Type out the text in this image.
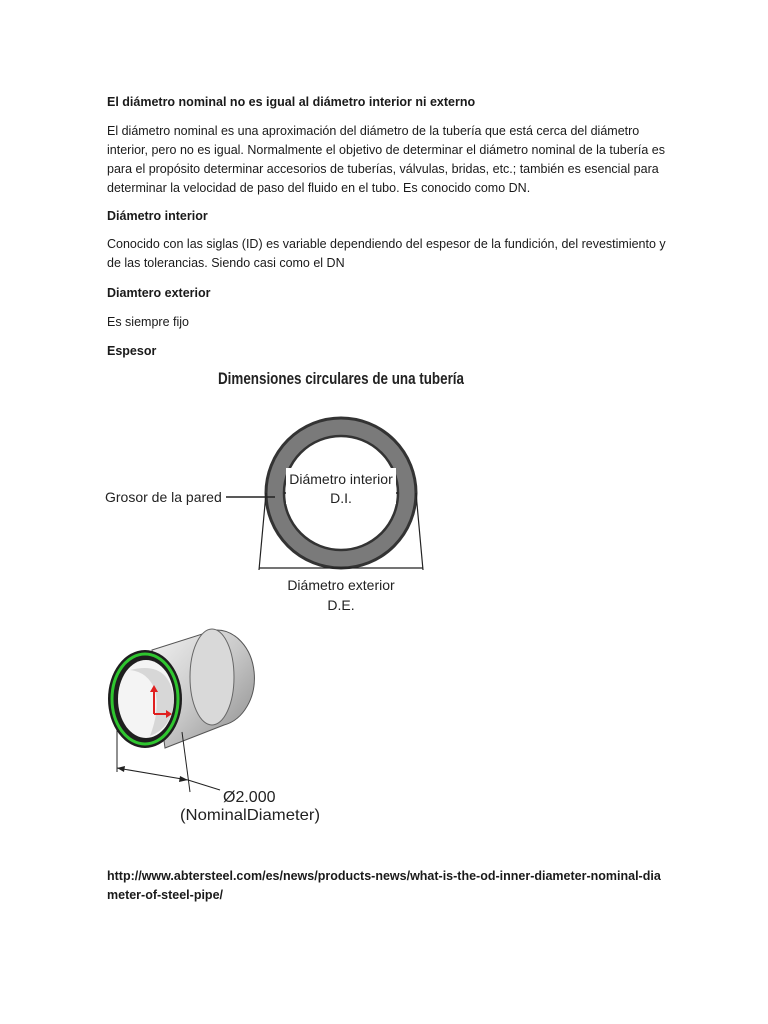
El diámetro nominal no es igual al diámetro interior ni externo

El diámetro nominal es una aproximación del diámetro de la tubería que está cerca del diámetro interior, pero no es igual. Normalmente el objetivo de determinar el diámetro nominal de la tubería es para el propósito determinar accesorios de tuberías, válvulas, bridas, etc.; también es esencial para determinar la velocidad de paso del fluido en el tubo. Es conocido como DN.

Diámetro interior

Conocido con las siglas (ID) es variable dependiendo del espesor de la fundición, del revestimiento y de las tolerancias. Siendo casi como el DN

Diamtero exterior

Es siempre fijo

Espesor

Dimensiones circulares de una tubería
Diámetro interior
D.I.
Grosor de la pared
Diámetro exterior
D.E.
Ø2.000
(NominalDiameter)

http://www.abtersteel.com/es/news/products-news/what-is-the-od-inner-diameter-nominal-diameter-of-steel-pipe/
